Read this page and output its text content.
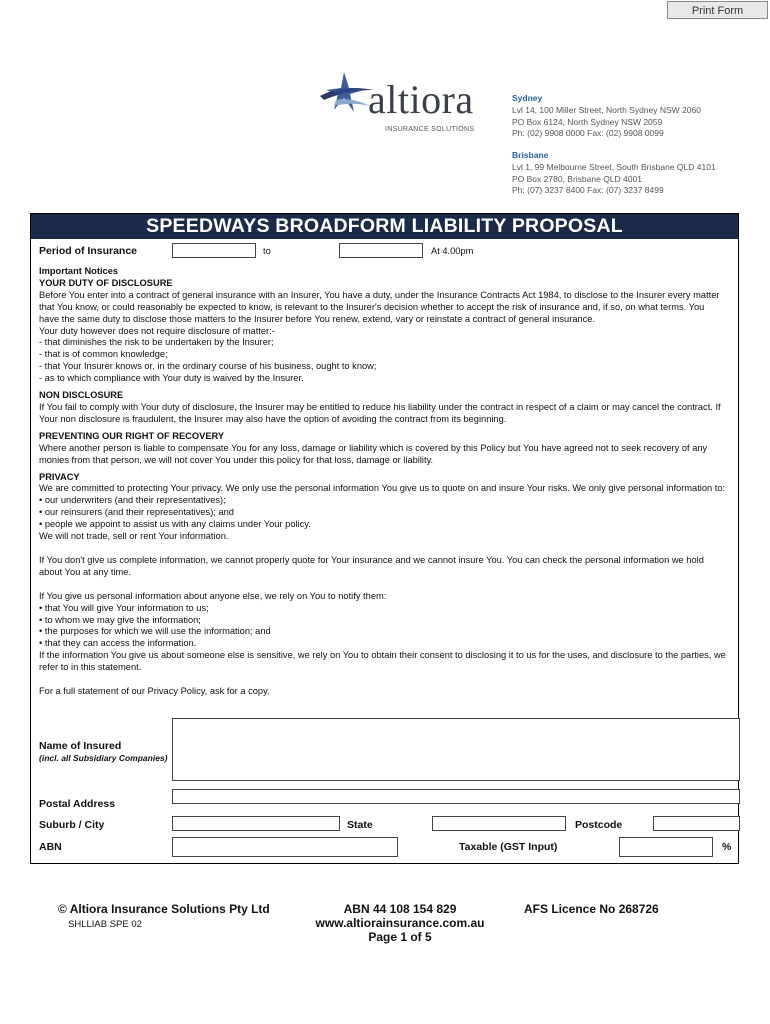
Print Form
altiora
INSURANCE SOLUTIONS
Sydney
Lvl 14, 100 Miller Street, North Sydney NSW 2060
PO Box 6124, North Sydney NSW 2059
Ph: (02) 9908 0000 Fax: (02) 9908 0099
Brisbane
Lvl 1, 99 Melbourne Street, South Brisbane QLD 4101
PO Box 2780, Brisbane QLD 4001
Ph: (07) 3237 8400 Fax: (07) 3237 8499
SPEEDWAYS BROADFORM LIABILITY PROPOSAL
Period of Insurance	to	At 4.00pm
Important Notices
YOUR DUTY OF DISCLOSURE
Before You enter into a contract of general insurance with an Insurer, You have a duty, under the Insurance Contracts Act 1984, to disclose to the Insurer every matter
that You know, or could reasonably be expected to know, is relevant to the Insurer's decision whether to accept the risk of insurance and, if so, on what terms. You
have the same duty to disclose those matters to the Insurer before You renew, extend, vary or reinstate a contract of general insurance.
Your duty however does not require disclosure of matter:-
- that diminishes the risk to be undertaken by the Insurer;
- that is of common knowledge;
- that Your Insurer knows or, in the ordinary course of his business, ought to know;
- as to which compliance with Your duty is waived by the Insurer.
NON DISCLOSURE
If You fail to comply with Your duty of disclosure, the Insurer may be entitled to reduce his liability under the contract in respect of a claim or may cancel the contract. If
Your non disclosure is fraudulent, the Insurer may also have the option of avoiding the contract from its beginning.
PREVENTING OUR RIGHT OF RECOVERY
Where another person is liable to compensate You for any loss, damage or liability which is covered by this Policy but You have agreed not to seek recovery of any
monies from that person, we will not cover You under this policy for that loss, damage or liability.
PRIVACY
We are committed to protecting Your privacy. We only use the personal information You give us to quote on and insure Your risks. We only give personal information to:
• our underwriters (and their representatives);
• our reinsurers (and their representatives); and
• people we appoint to assist us with any claims under Your policy.
We will not trade, sell or rent Your information.
If You don't give us complete information, we cannot properly quote for Your insurance and we cannot insure You. You can check the personal information we hold
about You at any time.
If You give us personal information about anyone else, we rely on You to notify them:
• that You will give Your information to us;
• to whom we may give the information;
• the purposes for which we will use the information; and
• that they can access the information.
If the information You give us about someone else is sensitive, we rely on You to obtain their consent to disclosing it to us for the uses, and disclosure to the parties, we
refer to in this statement.
For a full statement of our Privacy Policy, ask for a copy.
Name of Insured
(incl. all Subsidiary Companies)
Postal Address
Suburb / City	State	Postcode
ABN	Taxable (GST Input)	%
© Altiora Insurance Solutions Pty Ltd
SHLLIAB SPE 02
ABN 44 108 154 829
www.altiorainsurance.com.au
Page 1 of 5
AFS Licence No 268726
